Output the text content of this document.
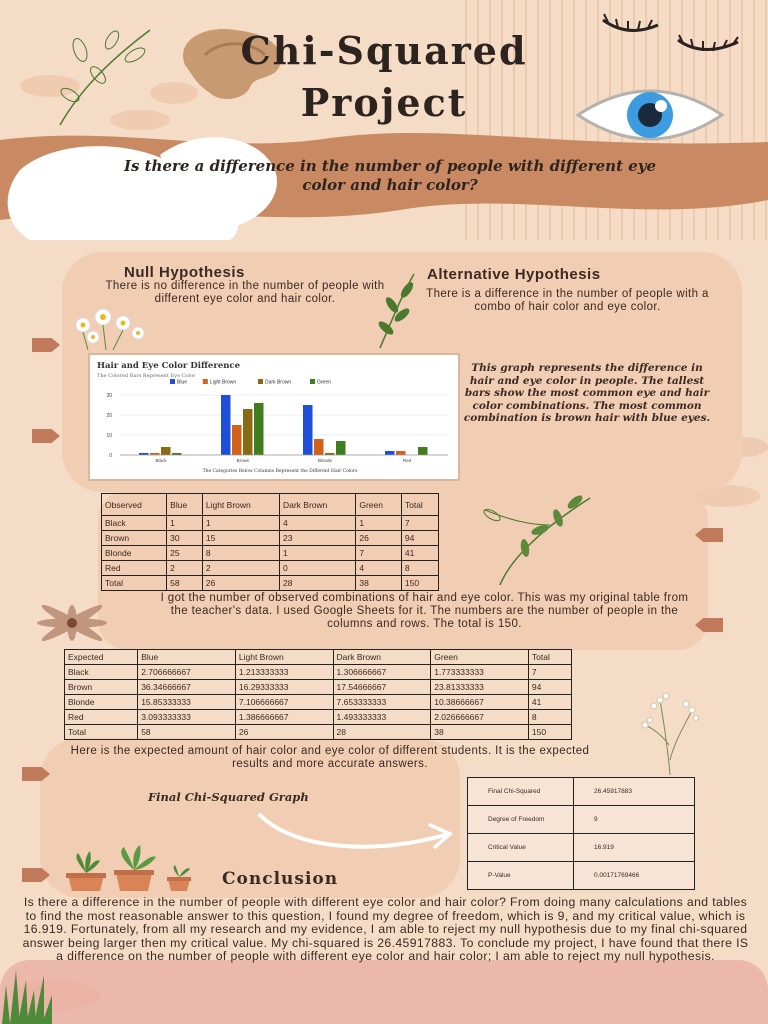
Chi-Squared
Project
Is there a difference in the number of people with different eye color and hair color?
Null Hypothesis
There is no difference in the number of people with different eye color and hair color.
Alternative Hypothesis
There is a difference in the number of people with a combo of hair color and eye color.
Hair and Eye Color Difference
The Colored Bars Represent Eye Color
The Categories Below Columns Represent the Different Hair Colors
0
10
20
30
Blue	Light Brown	Dark Brown	Green
Black	Brown	Blonde	Red
This graph represents the difference in hair and eye color in people. The tallest bars show the most common eye and hair color combinations. The most common combination is brown hair with blue eyes.
Observed	Blue	Light Brown	Dark Brown	Green	Total
Black	1	1	4	1	7
Brown	30	15	23	26	94
Blonde	25	8	1	7	41
Red	2	2	0	4	8
Total	58	26	28	38	150
I got the number of observed combinations of hair and eye color. This was my original table from the teacher's data. I used Google Sheets for it. The numbers are the number of people in the columns and rows. The total is 150.
Expected	Blue	Light Brown	Dark Brown	Green	Total
Black	2.706666667	1.213333333	1.306666667	1.773333333	7
Brown	36.34666667	16.29333333	17.54666667	23.81333333	94
Blonde	15.85333333	7.106666667	7.653333333	10.38666667	41
Red	3.093333333	1.386666667	1.493333333	2.026666667	8
Total	58	26	28	38	150
Here is the expected amount of hair color and eye color of different students. It is the expected results and more accurate answers.
Final Chi-Squared Graph	Final Chi-Squared	26.45917883
Degree of Freedom	9
Critical Value	16.919
P-Value	0.00171769466
Conclusion
Is there a difference in the number of people with different eye color and hair color? From doing many calculations and tables to find the most reasonable answer to this question, I found my degree of freedom, which is 9, and my critical value, which is 16.919. Fortunately, from all my research and my evidence, I am able to reject my null hypothesis due to my final chi-squared answer being larger then my critical value. My chi-squared is 26.45917883. To conclude my project, I have found that there IS a difference on the number of people with different eye color and hair color; I am able to reject my null hypothesis.
